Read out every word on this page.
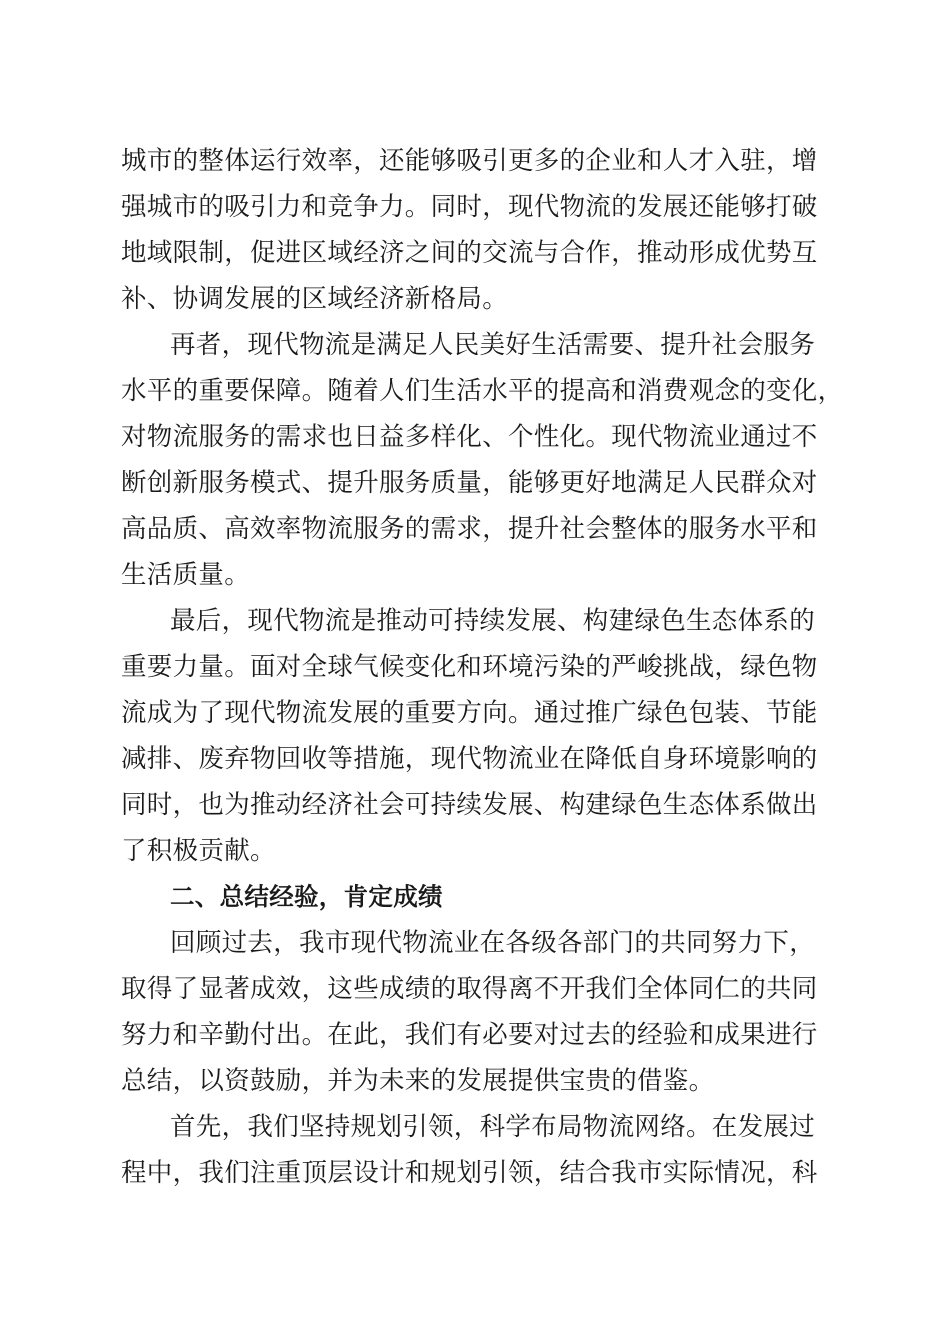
城市的整体运行效率，还能够吸引更多的企业和人才入驻，增

强城市的吸引力和竞争力。同时，现代物流的发展还能够打破

地域限制，促进区域经济之间的交流与合作，推动形成优势互

补、协调发展的区域经济新格局。

再者，现代物流是满足人民美好生活需要、提升社会服务

水平的重要保障。随着人们生活水平的提高和消费观念的变化，

对物流服务的需求也日益多样化、个性化。现代物流业通过不

断创新服务模式、提升服务质量，能够更好地满足人民群众对

高品质、高效率物流服务的需求，提升社会整体的服务水平和

生活质量。

最后，现代物流是推动可持续发展、构建绿色生态体系的

重要力量。面对全球气候变化和环境污染的严峻挑战，绿色物

流成为了现代物流发展的重要方向。通过推广绿色包装、节能

减排、废弃物回收等措施，现代物流业在降低自身环境影响的

同时，也为推动经济社会可持续发展、构建绿色生态体系做出

了积极贡献。

二、总结经验，肯定成绩

回顾过去，我市现代物流业在各级各部门的共同努力下，

取得了显著成效，这些成绩的取得离不开我们全体同仁的共同

努力和辛勤付出。在此，我们有必要对过去的经验和成果进行

总结，以资鼓励，并为未来的发展提供宝贵的借鉴。

首先，我们坚持规划引领，科学布局物流网络。在发展过

程中，我们注重顶层设计和规划引领，结合我市实际情况，科
